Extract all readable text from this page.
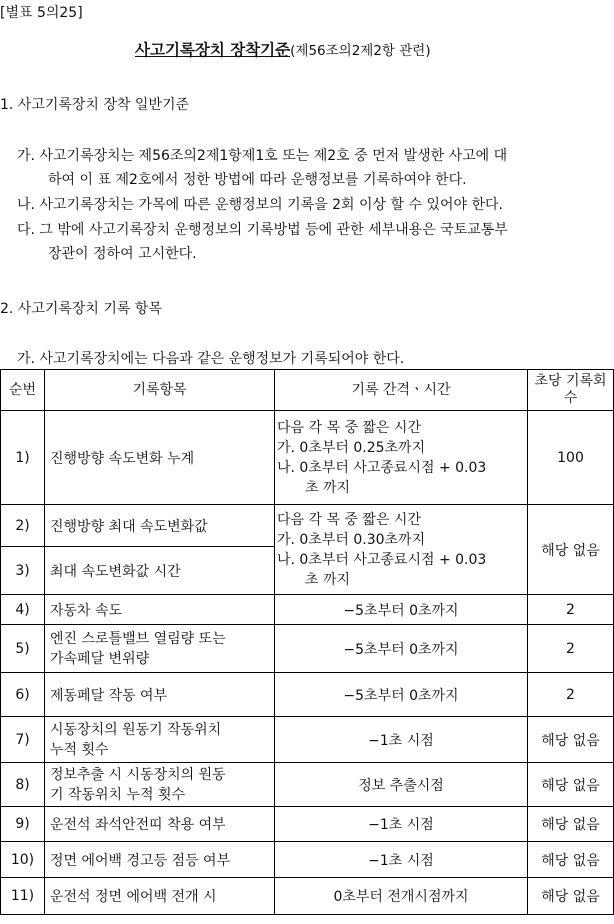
[별표 5의25]
사고기록장치 장착기준(제56조의2제2항 관련)
1. 사고기록장치 장착 일반기준
가. 사고기록장치는 제56조의2제1항제1호 또는 제2호 중 먼저 발생한 사고에 대
하여 이 표 제2호에서 정한 방법에 따라 운행정보를 기록하여야 한다.
나. 사고기록장치는 가목에 따른 운행정보의 기록을 2회 이상 할 수 있어야 한다.
다. 그 밖에 사고기록장치 운행정보의 기록방법 등에 관한 세부내용은 국토교통부
장관이 정하여 고시한다.
2. 사고기록장치 기록 항목
가. 사고기록장치에는 다음과 같은 운행정보가 기록되어야 한다.
순번	기록항목	기록 간격ㆍ시간	초당 기록회
수
1)	진행방향 속도변화 누계	다음 각 목 중 짧은 시간
가. 0초부터 0.25초까지
나. 0초부터 사고종료시점 + 0.03
초 까지	100
2)	진행방향 최대 속도변화값	다음 각 목 중 짧은 시간
가. 0초부터 0.30초까지
나. 0초부터 사고종료시점 + 0.03
초 까지	해당 없음
3)	최대 속도변화값 시간		
4)	자동차 속도	−5초부터 0초까지	2
5)	엔진 스로틀밸브 열림량 또는
가속페달 변위량	−5초부터 0초까지	2
6)	제동페달 작동 여부	−5초부터 0초까지	2
7)	시동장치의 원동기 작동위치
누적 횟수	−1초 시점	해당 없음
8)	정보추출 시 시동장치의 원동
기 작동위치 누적 횟수	정보 추출시점	해당 없음
9)	운전석 좌석안전띠 착용 여부	−1초 시점	해당 없음
10)	정면 에어백 경고등 점등 여부	−1초 시점	해당 없음
11)	운전석 정면 에어백 전개 시	0초부터 전개시점까지	해당 없음
